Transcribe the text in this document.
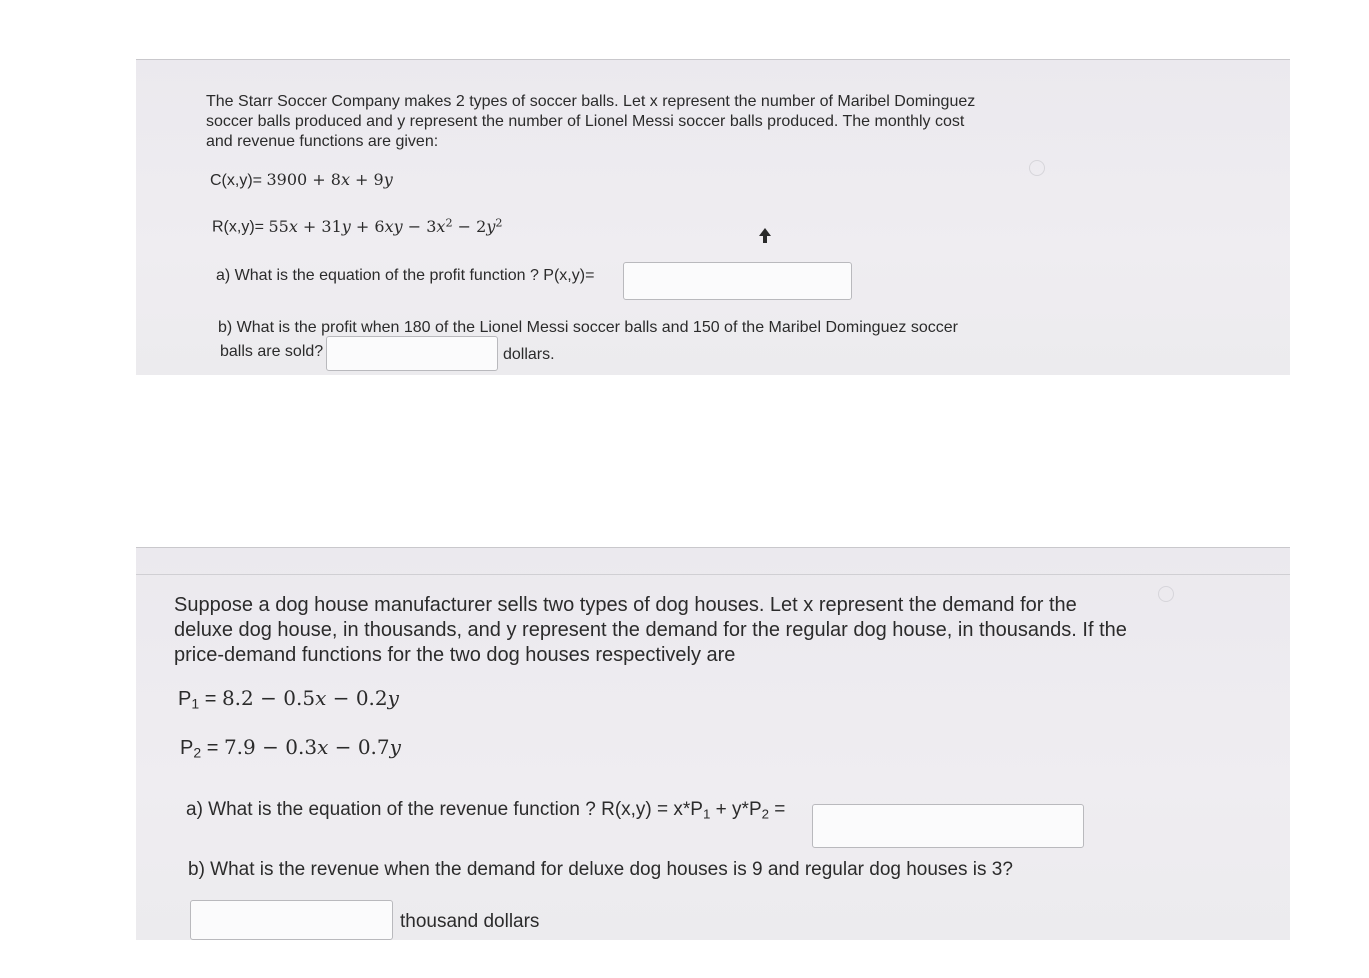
The Starr Soccer Company makes 2 types of soccer balls. Let x represent the number of Maribel Dominguez
soccer balls produced and y represent the number of Lionel Messi soccer balls produced. The monthly cost
and revenue functions are given:
C(x,y)= 3900 + 8x + 9y
$R(x,y)= 55x + 31y + 6xy - 3x^2 - 2y^2$
a) What is the equation of the profit function ? P(x,y)=
b) What is the profit when 180 of the Lionel Messi soccer balls and 150 of the Maribel Dominguez soccer
balls are sold?	dollars.
Suppose a dog house manufacturer sells two types of dog houses. Let x represent the demand for the
deluxe dog house, in thousands, and y represent the demand for the regular dog house, in thousands. If the
price-demand functions for the two dog houses respectively are
$P_1 = 8.2 - 0.5x - 0.2y$
$P_2 = 7.9 - 0.3x - 0.7y$
a) What is the equation of the revenue function ? $R(x,y) = x*P_1 + y*P_2$ =
b) What is the revenue when the demand for deluxe dog houses is 9 and regular dog houses is 3?
thousand dollars
